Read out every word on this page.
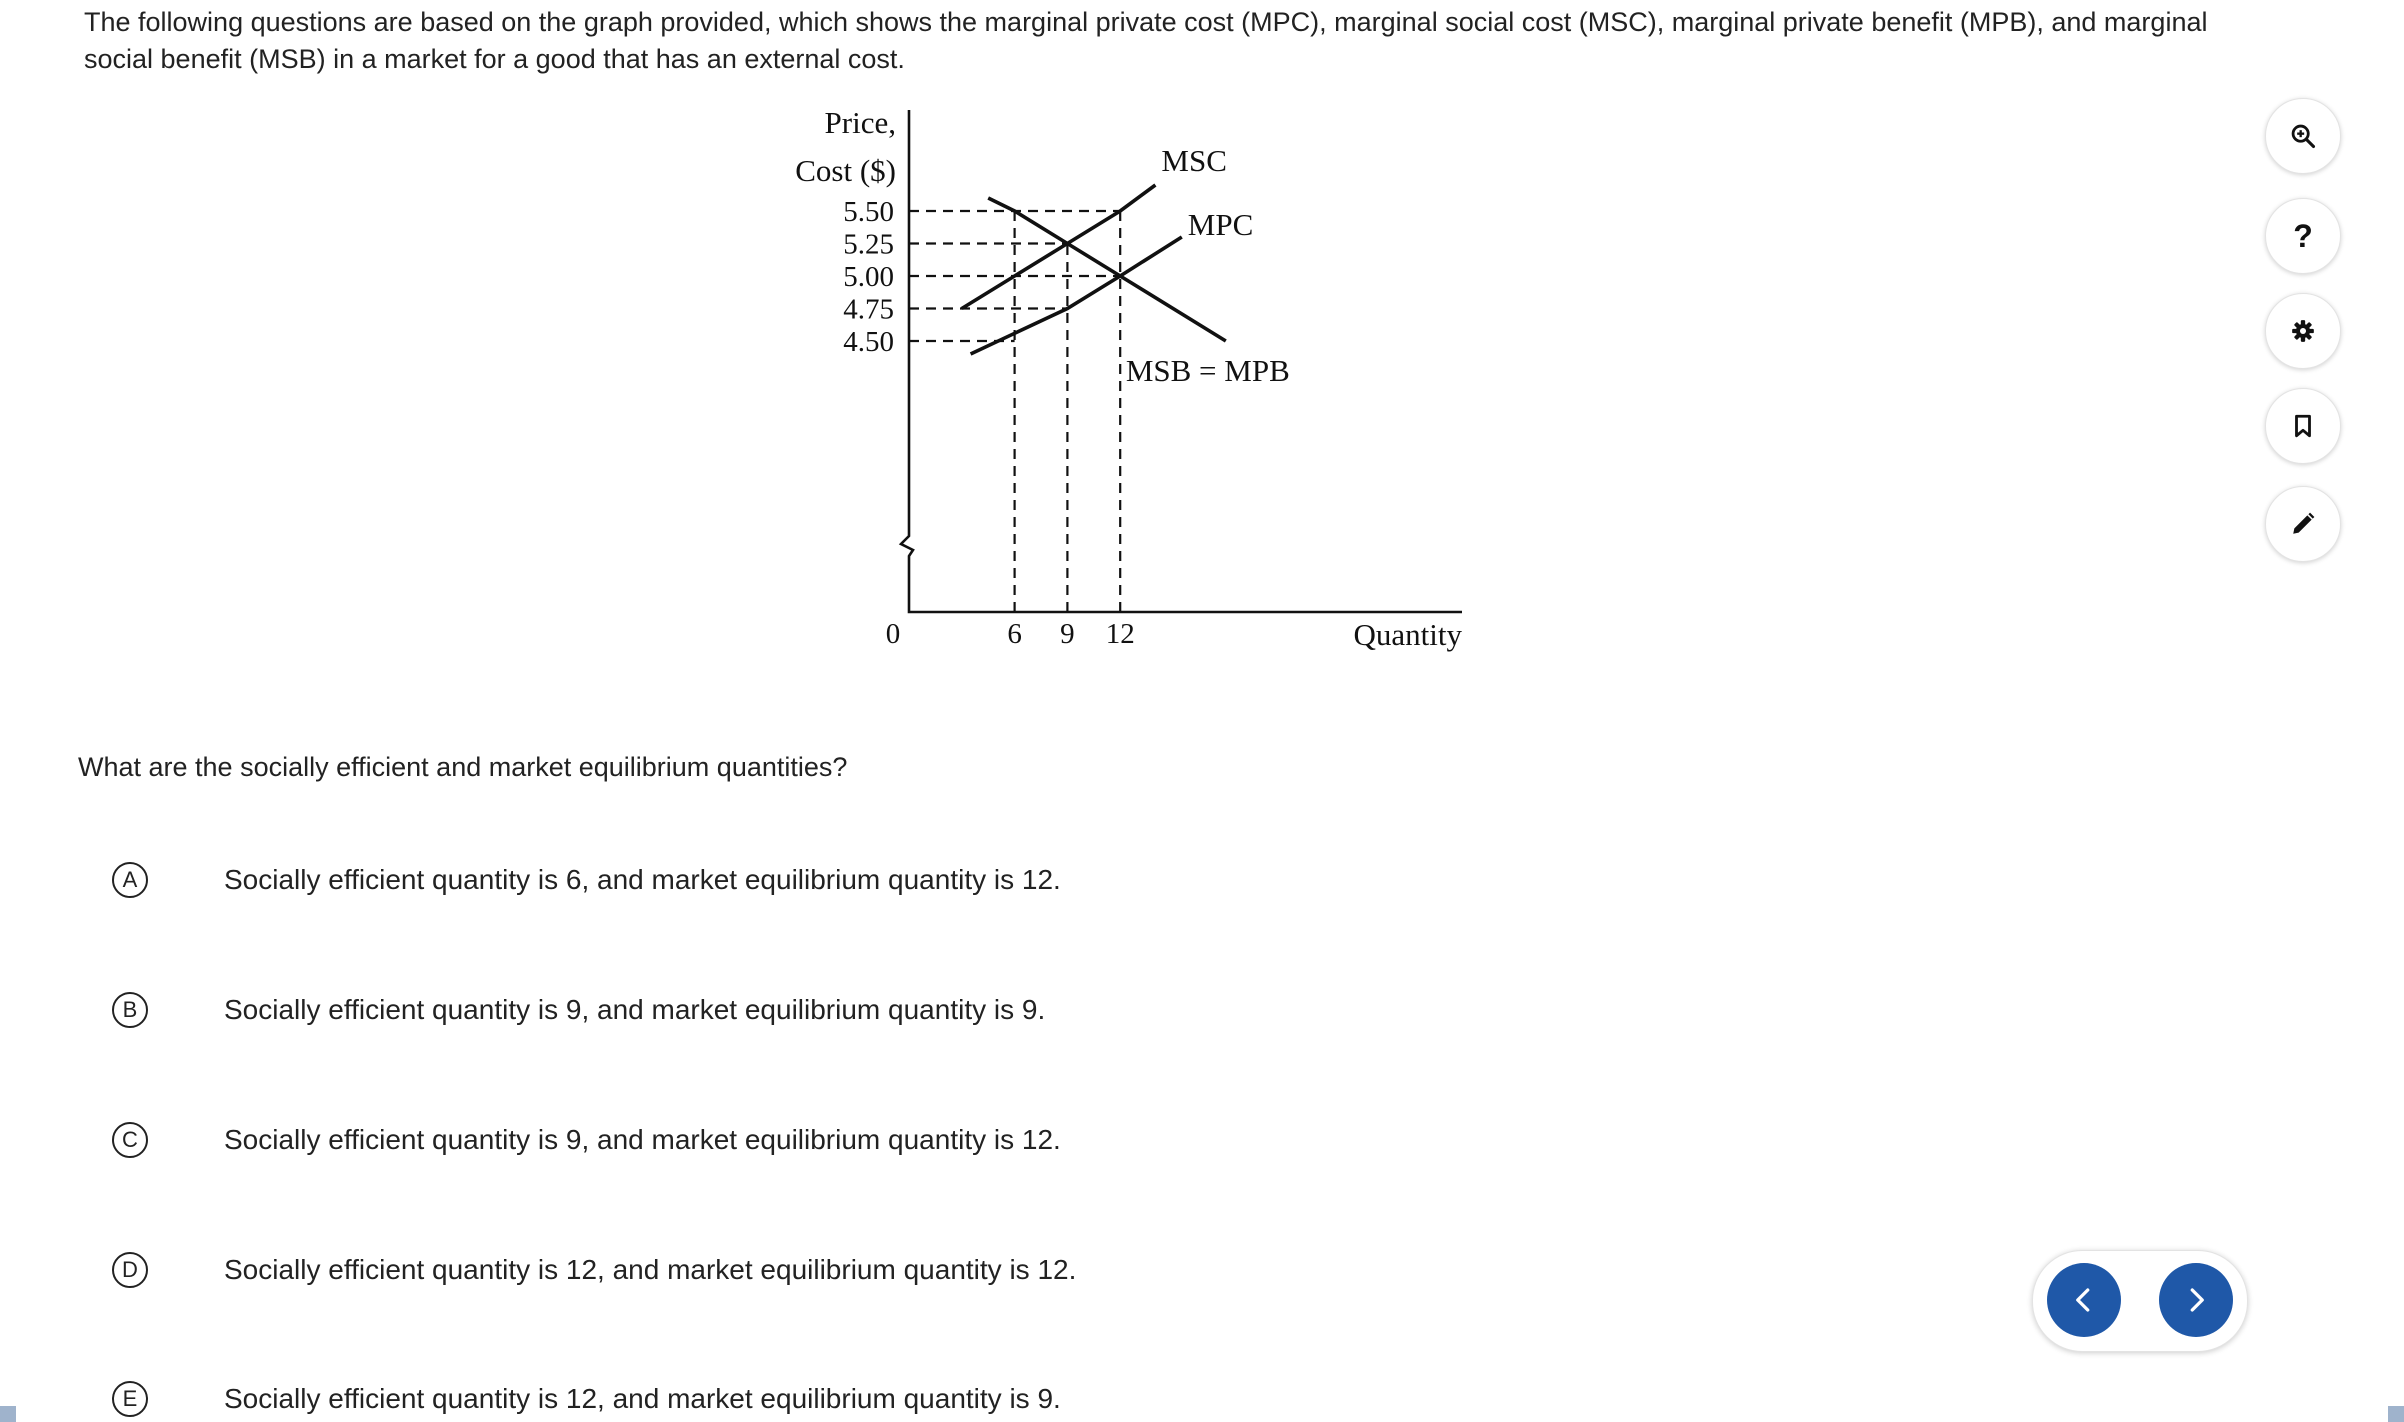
The following questions are based on the graph provided, which shows the marginal private cost (MPC), marginal social cost (MSC), marginal private benefit (MPB), and marginal social benefit (MSB) in a market for a good that has an external cost.
Price,
Cost ($)
Quantity
0
5.50
5.25
5.00
4.75
4.50
6 9 12
MSC
MPC
MSB = MPB
What are the socially efficient and market equilibrium quantities?
A	Socially efficient quantity is 6, and market equilibrium quantity is 12.
B	Socially efficient quantity is 9, and market equilibrium quantity is 9.
C	Socially efficient quantity is 9, and market equilibrium quantity is 12.
D	Socially efficient quantity is 12, and market equilibrium quantity is 12.
E	Socially efficient quantity is 12, and market equilibrium quantity is 9.
?
